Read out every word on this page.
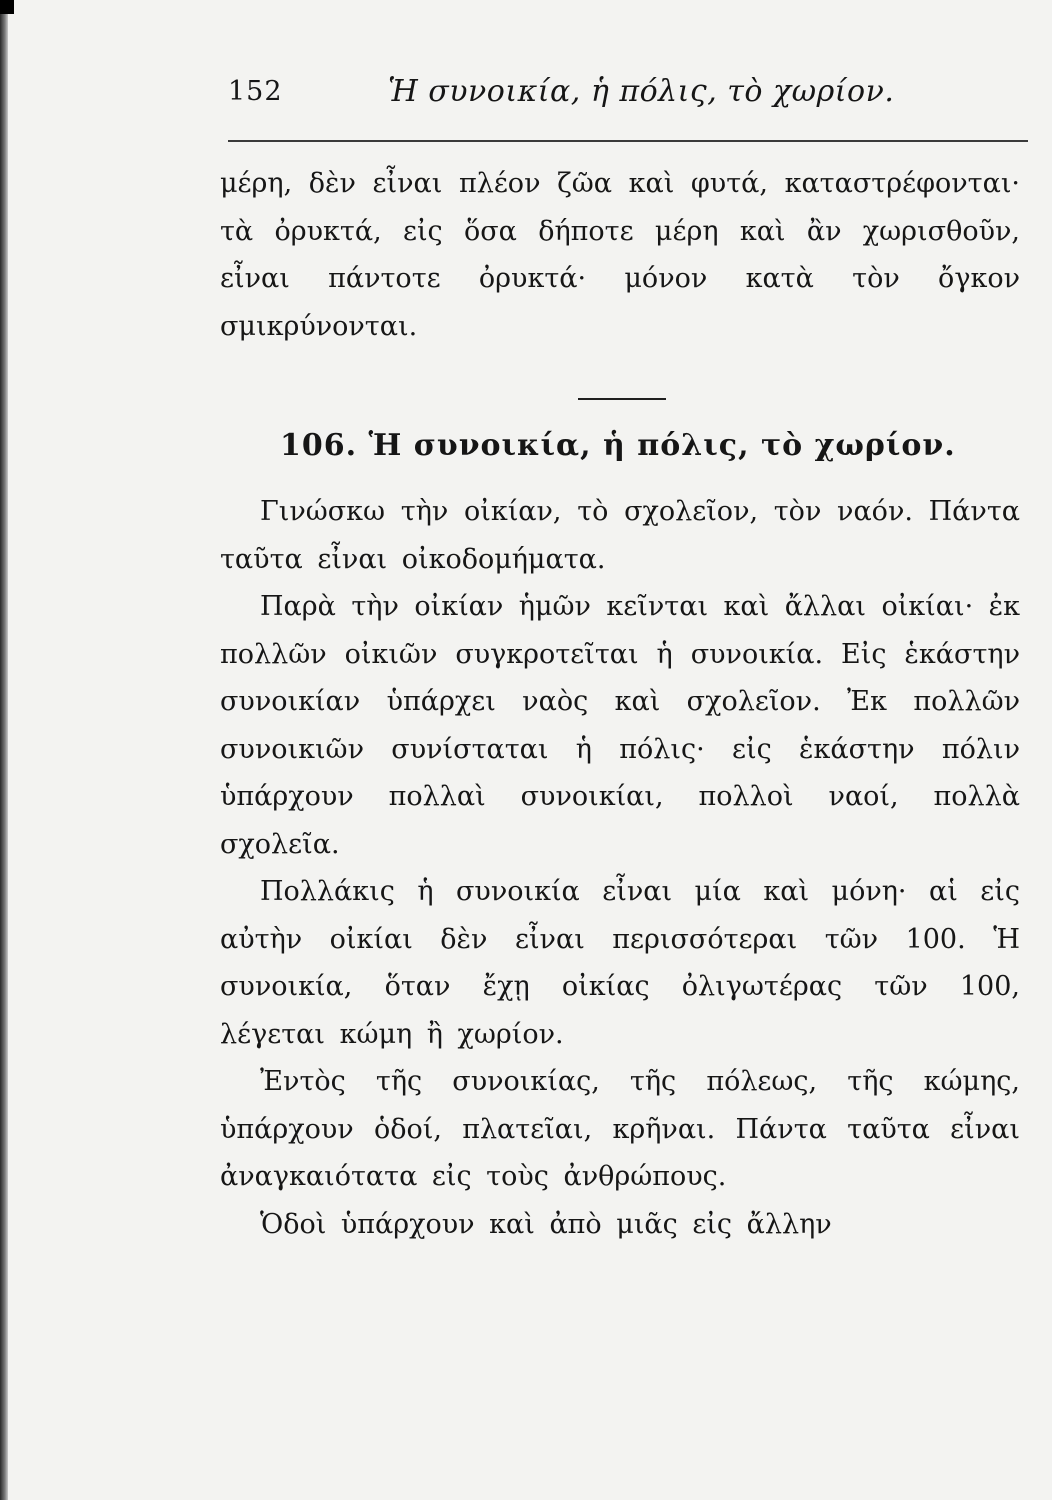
152	Ἡ συνοικία, ἡ πόλις, τὸ χωρίον.

μέρη, δὲν εἶναι πλέον ζῶα καὶ φυτά, καταστρέφονται· τὰ ὀρυκτά, εἰς ὅσα δήποτε μέρη καὶ ἂν χωρισθοῦν, εἶναι πάντοτε ὀρυκτά· μόνον κατὰ τὸν ὄγκον σμικρύνονται.

106. Ἡ συνοικία, ἡ πόλις, τὸ χωρίον.

Γινώσκω τὴν οἰκίαν, τὸ σχολεῖον, τὸν ναόν. Πάντα ταῦτα εἶναι οἰκοδομήματα.

Παρὰ τὴν οἰκίαν ἡμῶν κεῖνται καὶ ἄλλαι οἰκίαι· ἐκ πολλῶν οἰκιῶν συγκροτεῖται ἡ συνοικία. Εἰς ἑκάστην συνοικίαν ὑπάρχει ναὸς καὶ σχολεῖον. Ἐκ πολλῶν συνοικιῶν συνίσταται ἡ πόλις· εἰς ἑκάστην πόλιν ὑπάρχουν πολλαὶ συνοικίαι, πολλοὶ ναοί, πολλὰ σχολεῖα.

Πολλάκις ἡ συνοικία εἶναι μία καὶ μόνη· αἱ εἰς αὐτὴν οἰκίαι δὲν εἶναι περισσότεραι τῶν 100. Ἡ συνοικία, ὅταν ἔχῃ οἰκίας ὀλιγωτέρας τῶν 100, λέγεται κώμη ἢ χωρίον.

Ἐντὸς τῆς συνοικίας, τῆς πόλεως, τῆς κώμης, ὑπάρχουν ὁδοί, πλατεῖαι, κρῆναι. Πάντα ταῦτα εἶναι ἀναγκαιότατα εἰς τοὺς ἀνθρώπους.

Ὁδοὶ ὑπάρχουν καὶ ἀπὸ μιᾶς εἰς ἄλλην
